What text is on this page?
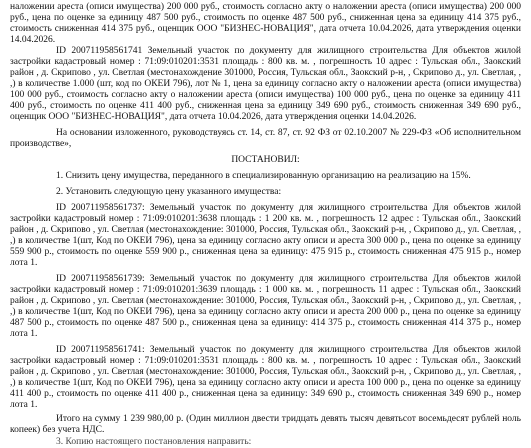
наложении ареста (описи имущества) 200 000 руб., стоимость согласно акту о наложении ареста (описи имущества) 200 000 руб., цена по оценке за единицу 487 500 руб., стоимость по оценке 487 500 руб., сниженная цена за единицу 414 375 руб., стоимость сниженная 414 375 руб., оценщик ООО "БИЗНЕС-НОВАЦИЯ", дата отчета 10.04.2026, дата утверждения оценки 14.04.2026.

ID 200711958561741 Земельный участок по документу для жилищного строительства Для объектов жилой застройки кадастровый номер : 71:09:010201:3531 площадь : 800 кв. м. , погрешность 10 адрес : Тульская обл., Заокский район , д. Скрипово , ул. Светлая (местонахождение 301000, Россия, Тульская обл., Заокский р-н, , Скрипово д., ул. Светлая, , ,) в количестве 1.000 (шт, код по ОКЕИ 796), лот № 1, цена за единицу согласно акту о наложении ареста (описи имущества) 100 000 руб., стоимость согласно акту о наложении ареста (описи имущества) 100 000 руб., цена по оценке за единицу 411 400 руб., стоимость по оценке 411 400 руб., сниженная цена за единицу 349 690 руб., стоимость сниженная 349 690 руб., оценщик ООО "БИЗНЕС-НОВАЦИЯ", дата отчета 10.04.2026, дата утверждения оценки 14.04.2026.

На основании изложенного, руководствуясь ст. 14, ст. 87, ст. 92 ФЗ от 02.10.2007 № 229-ФЗ «Об исполнительном производстве»,

ПОСТАНОВИЛ:

1. Снизить цену имущества, переданного в специализированную организацию на реализацию на 15%.

2. Установить следующую цену указанного имущества:

ID 200711958561737: Земельный участок по документу для жилищного строительства Для объектов жилой застройки кадастровый номер : 71:09:010201:3638 площадь : 1 200 кв. м. , погрешность 12 адрес : Тульская обл., Заокский район , д. Скрипово , ул. Светлая (местонахождение: 301000, Россия, Тульская обл., Заокский р-н, , Скрипово д., ул. Светлая, , ,) в количестве 1(шт, Код по ОКЕИ 796), цена за единицу согласно акту описи и ареста 300 000 р., цена по оценке за единицу 559 900 р., стоимость по оценке 559 900 р., сниженная цена за единицу: 475 915 р., стоимость сниженная 475 915 р., номер лота 1.

ID 200711958561739: Земельный участок по документу для жилищного строительства Для объектов жилой застройки кадастровый номер : 71:09:010201:3639 площадь : 1 000 кв. м. , погрешность 11 адрес : Тульская обл., Заокский район , д. Скрипово , ул. Светлая (местонахождение: 301000, Россия, Тульская обл., Заокский р-н, , Скрипово д., ул. Светлая, , ,) в количестве 1(шт, Код по ОКЕИ 796), цена за единицу согласно акту описи и ареста 200 000 р., цена по оценке за единицу 487 500 р., стоимость по оценке 487 500 р., сниженная цена за единицу: 414 375 р., стоимость сниженная 414 375 р., номер лота 1.

ID 200711958561741: Земельный участок по документу для жилищного строительства Для объектов жилой застройки кадастровый номер : 71:09:010201:3531 площадь : 800 кв. м. , погрешность 10 адрес : Тульская обл., Заокский район , д. Скрипово , ул. Светлая (местонахождение: 301000, Россия, Тульская обл., Заокский р-н, , Скрипово д., ул. Светлая, , ,) в количестве 1(шт, Код по ОКЕИ 796), цена за единицу согласно акту описи и ареста 100 000 р., цена по оценке за единицу 411 400 р., стоимость по оценке 411 400 р., сниженная цена за единицу: 349 690 р., стоимость сниженная 349 690 р., номер лота 1.

Итого на сумму 1 239 980,00 р. (Один миллион двести тридцать девять тысяч девятьсот восемьдесят рублей ноль копеек) без учета НДС.

3. Копию настоящего постановления направить:
